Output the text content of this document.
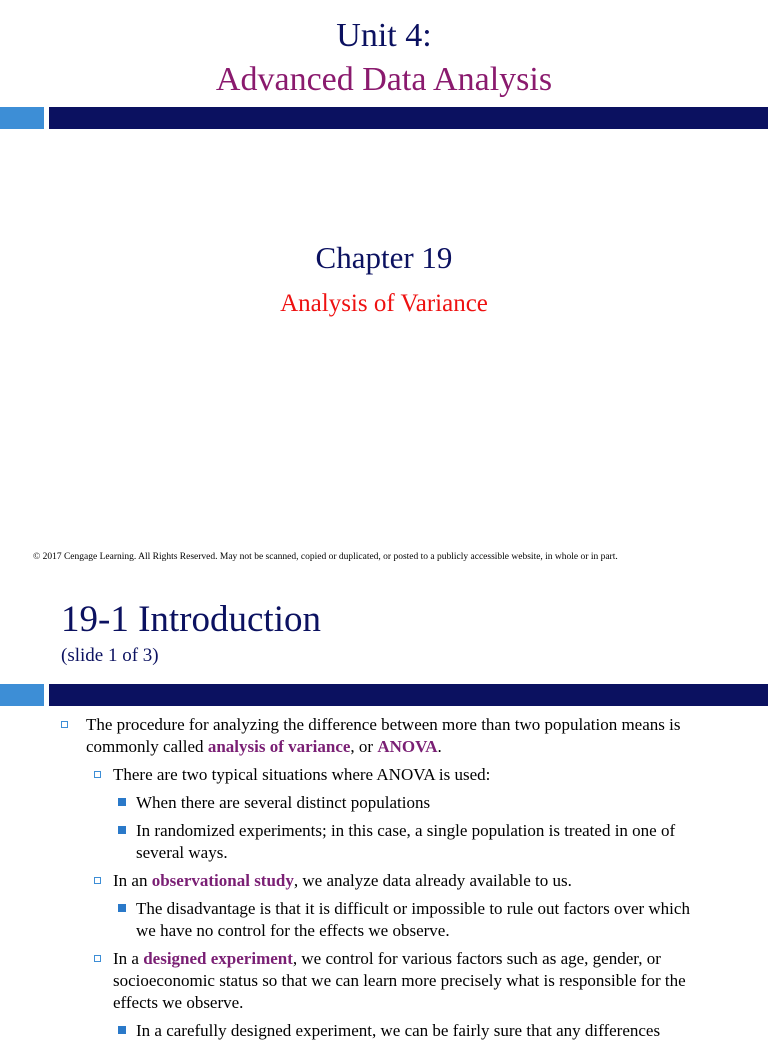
Unit 4:
Advanced Data Analysis
Chapter 19
Analysis of Variance
© 2017 Cengage Learning. All Rights Reserved. May not be scanned, copied or duplicated, or posted to a publicly accessible website, in whole or in part.
19-1 Introduction
(slide 1 of 3)
The procedure for analyzing the difference between more than two population means is commonly called analysis of variance, or ANOVA.
There are two typical situations where ANOVA is used:
When there are several distinct populations
In randomized experiments; in this case, a single population is treated in one of several ways.
In an observational study, we analyze data already available to us.
The disadvantage is that it is difficult or impossible to rule out factors over which we have no control for the effects we observe.
In a designed experiment, we control for various factors such as age, gender, or socioeconomic status so that we can learn more precisely what is responsible for the effects we observe.
In a carefully designed experiment, we can be fairly sure that any differences
